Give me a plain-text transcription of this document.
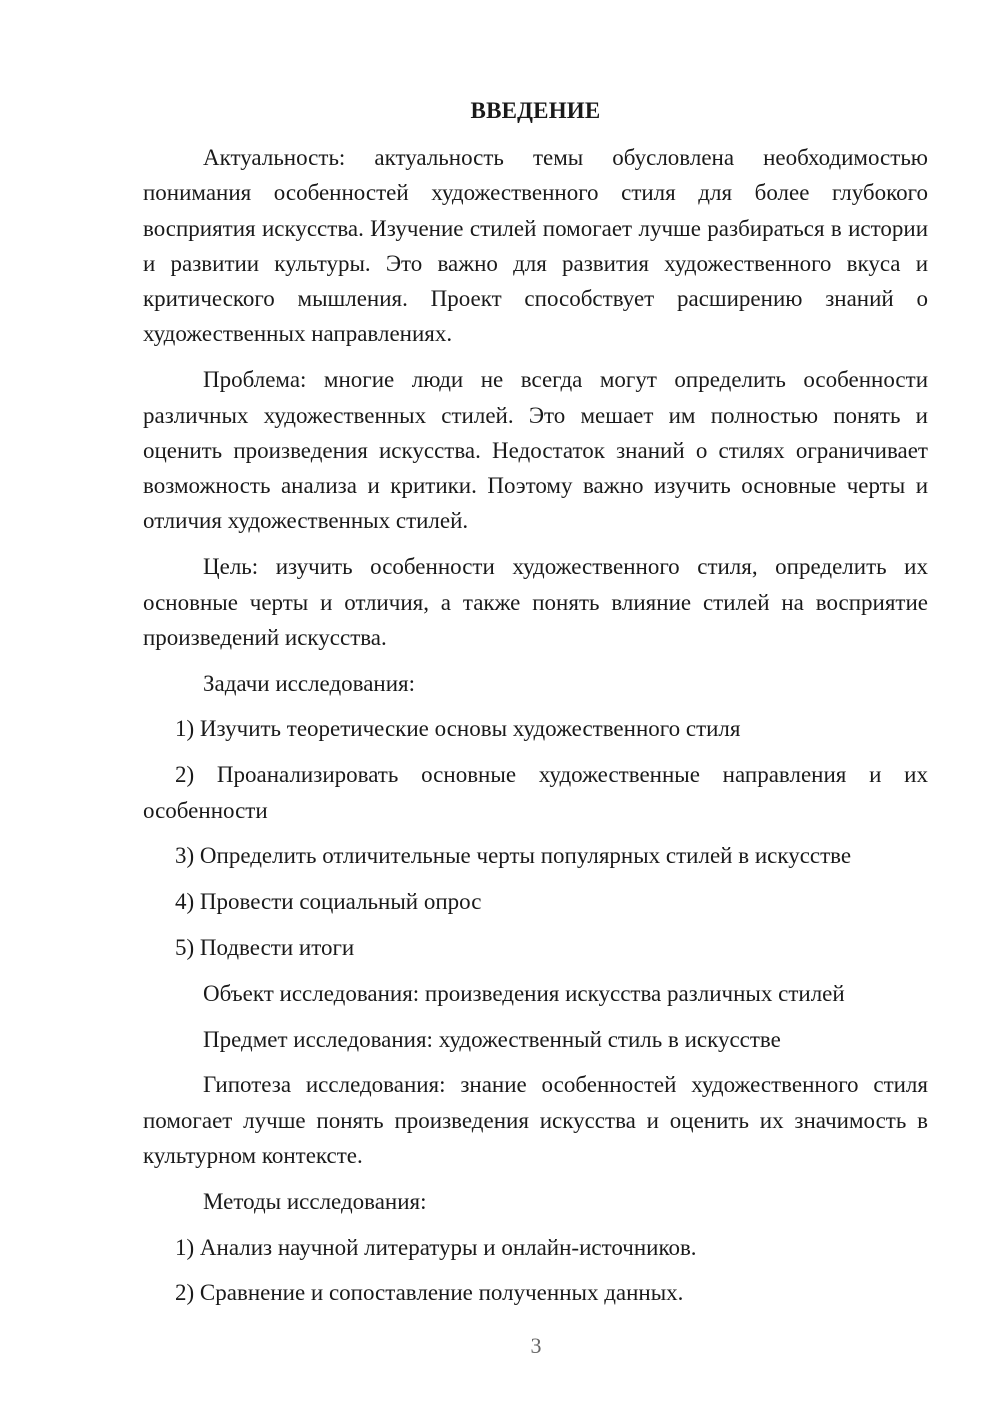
ВВЕДЕНИЕ

Актуальность: актуальность темы обусловлена необходимостью понимания особенностей художественного стиля для более глубокого восприятия искусства. Изучение стилей помогает лучше разбираться в истории и развитии культуры. Это важно для развития художественного вкуса и критического мышления. Проект способствует расширению знаний о художественных направлениях.

Проблема: многие люди не всегда могут определить особенности различных художественных стилей. Это мешает им полностью понять и оценить произведения искусства. Недостаток знаний о стилях ограничивает возможность анализа и критики. Поэтому важно изучить основные черты и отличия художественных стилей.

Цель: изучить особенности художественного стиля, определить их основные черты и отличия, а также понять влияние стилей на восприятие произведений искусства.

Задачи исследования:

1) Изучить теоретические основы художественного стиля

2) Проанализировать основные художественные направления и их особенности

3) Определить отличительные черты популярных стилей в искусстве

4) Провести социальный опрос

5) Подвести итоги

Объект исследования: произведения искусства различных стилей

Предмет исследования: художественный стиль в искусстве

Гипотеза исследования: знание особенностей художественного стиля помогает лучше понять произведения искусства и оценить их значимость в культурном контексте.

Методы исследования:

1) Анализ научной литературы и онлайн-источников.

2) Сравнение и сопоставление полученных данных.

3
